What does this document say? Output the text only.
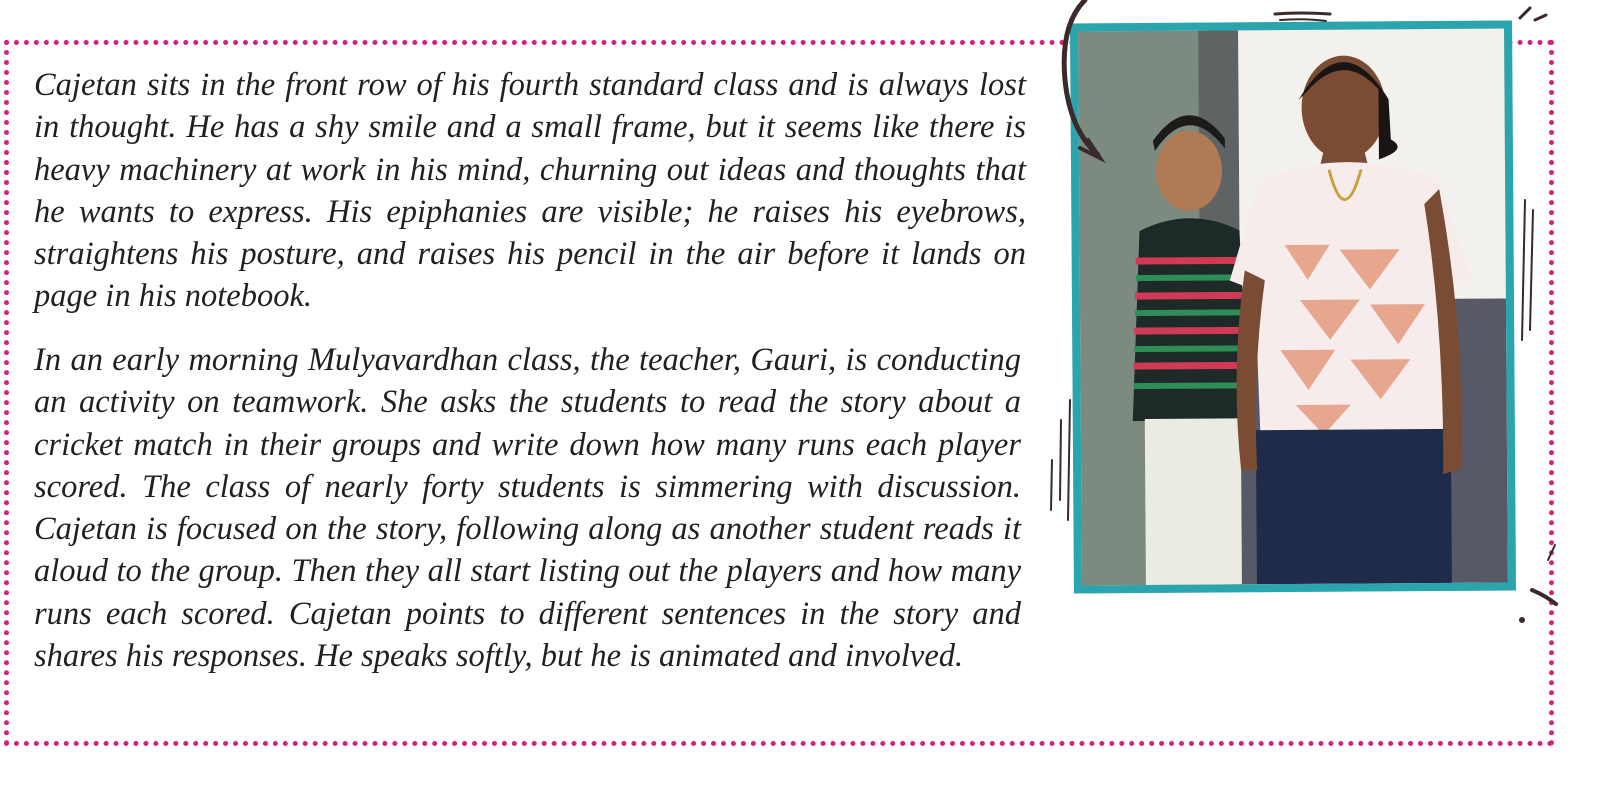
Cajetan sits in the front row of his fourth standard class and is always lost in thought. He has a shy smile and a small frame, but it seems like there is heavy machinery at work in his mind, churning out ideas and thoughts that he wants to express. His epiphanies are visible; he raises his eyebrows, straightens his posture, and raises his pencil in the air before it lands on page in his notebook.

In an early morning Mulyavardhan class, the teacher, Gauri, is conducting an activity on teamwork. She asks the students to read the story about a cricket match in their groups and write down how many runs each player scored. The class of nearly forty students is simmering with discussion. Cajetan is focused on the story, following along as another student reads it aloud to the group. Then they all start listing out the players and how many runs each scored. Cajetan points to different sentences in the story and shares his responses. He speaks softly, but he is animated and involved.
